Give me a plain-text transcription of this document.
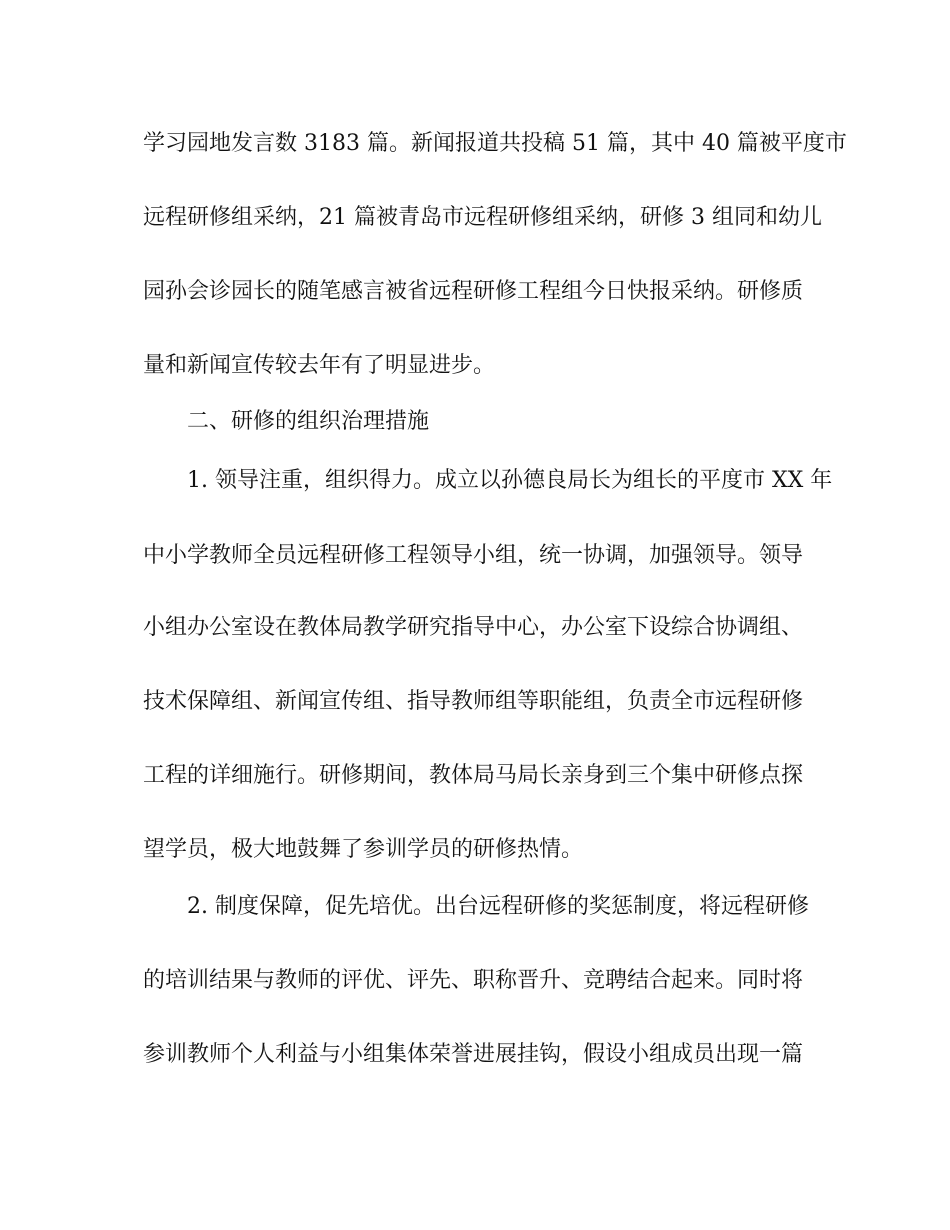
学习园地发言数 3183 篇。新闻报道共投稿 51 篇，其中 40 篇被平度市
远程研修组采纳，21 篇被青岛市远程研修组采纳，研修 3 组同和幼儿
园孙会诊园长的随笔感言被省远程研修工程组今日快报采纳。研修质
量和新闻宣传较去年有了明显进步。
二、研修的组织治理措施
1. 领导注重，组织得力。成立以孙德良局长为组长的平度市 XX 年
中小学教师全员远程研修工程领导小组，统一协调，加强领导。领导
小组办公室设在教体局教学研究指导中心，办公室下设综合协调组、
技术保障组、新闻宣传组、指导教师组等职能组，负责全市远程研修
工程的详细施行。研修期间，教体局马局长亲身到三个集中研修点探
望学员，极大地鼓舞了参训学员的研修热情。
2. 制度保障，促先培优。出台远程研修的奖惩制度，将远程研修
的培训结果与教师的评优、评先、职称晋升、竞聘结合起来。同时将
参训教师个人利益与小组集体荣誉进展挂钩，假设小组成员出现一篇
